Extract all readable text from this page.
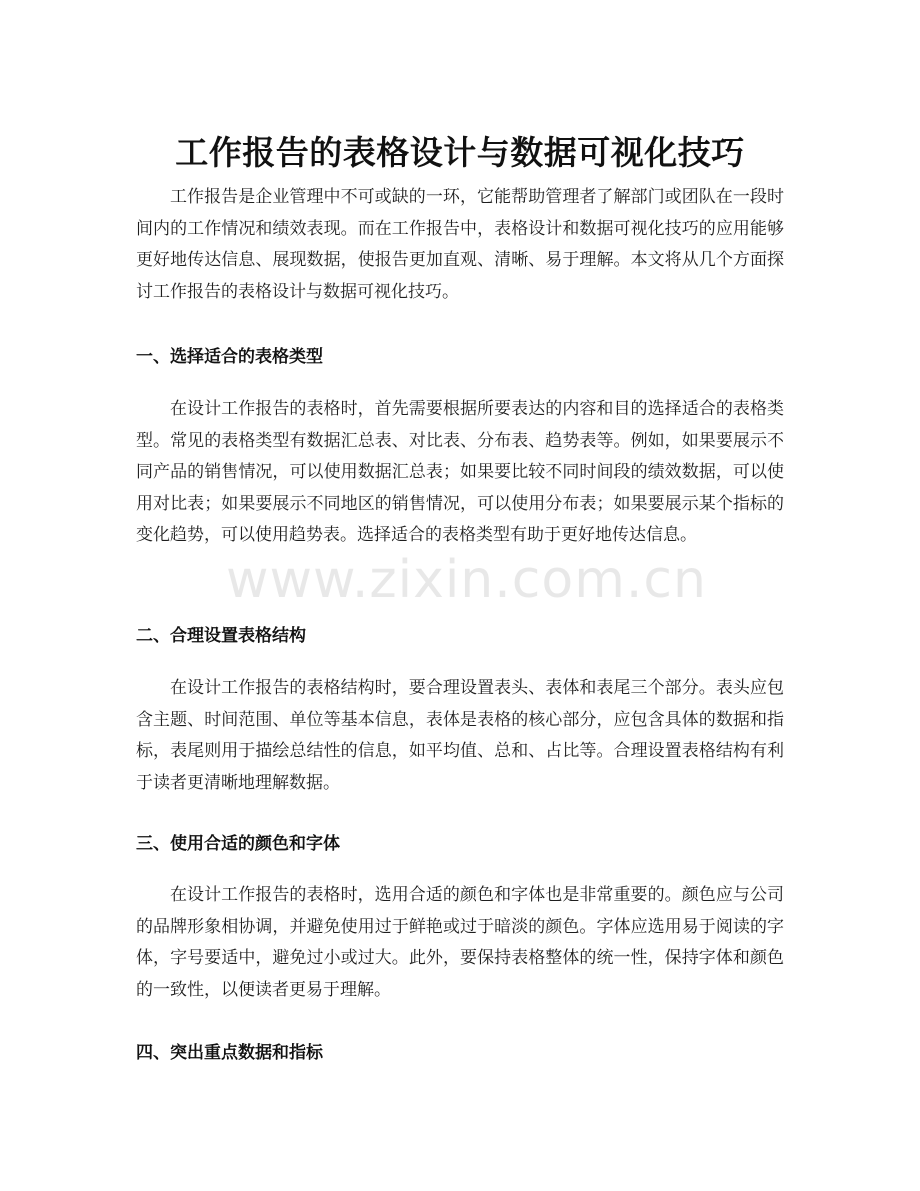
工作报告的表格设计与数据可视化技巧

工作报告是企业管理中不可或缺的一环，它能帮助管理者了解部门或团队在一段时间内的工作情况和绩效表现。而在工作报告中，表格设计和数据可视化技巧的应用能够更好地传达信息、展现数据，使报告更加直观、清晰、易于理解。本文将从几个方面探讨工作报告的表格设计与数据可视化技巧。

一、选择适合的表格类型

在设计工作报告的表格时，首先需要根据所要表达的内容和目的选择适合的表格类型。常见的表格类型有数据汇总表、对比表、分布表、趋势表等。例如，如果要展示不同产品的销售情况，可以使用数据汇总表；如果要比较不同时间段的绩效数据，可以使用对比表；如果要展示不同地区的销售情况，可以使用分布表；如果要展示某个指标的变化趋势，可以使用趋势表。选择适合的表格类型有助于更好地传达信息。

二、合理设置表格结构

在设计工作报告的表格结构时，要合理设置表头、表体和表尾三个部分。表头应包含主题、时间范围、单位等基本信息，表体是表格的核心部分，应包含具体的数据和指标，表尾则用于描绘总结性的信息，如平均值、总和、占比等。合理设置表格结构有利于读者更清晰地理解数据。

三、使用合适的颜色和字体

在设计工作报告的表格时，选用合适的颜色和字体也是非常重要的。颜色应与公司的品牌形象相协调，并避免使用过于鲜艳或过于暗淡的颜色。字体应选用易于阅读的字体，字号要适中，避免过小或过大。此外，要保持表格整体的统一性，保持字体和颜色的一致性，以便读者更易于理解。

四、突出重点数据和指标
www.zixin.com.cn
